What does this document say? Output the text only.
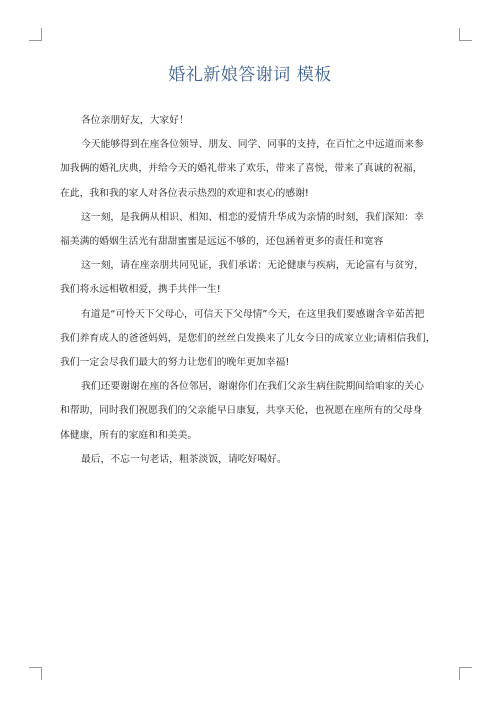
婚礼新娘答谢词 模板
各位亲朋好友，大家好！
今天能够得到在座各位领导、朋友、同学、同事的支持，在百忙之中远道而来参
加我俩的婚礼庆典，并给今天的婚礼带来了欢乐，带来了喜悦，带来了真诚的祝福，
在此，我和我的家人对各位表示热烈的欢迎和衷心的感谢!
这一刻，是我俩从相识、相知、相恋的爱情升华成为亲情的时刻，我们深知：幸
福美满的婚姻生活光有甜甜蜜蜜是远远不够的，还包涵着更多的责任和宽容
这一刻，请在座亲朋共同见证，我们承诺：无论健康与疾病，无论富有与贫穷，
我们将永远相敬相爱，携手共伴一生!
有道是“可怜天下父母心，可信天下父母情”今天，在这里我们要感谢含辛茹苦把
我们养育成人的爸爸妈妈，是您们的丝丝白发换来了儿女今日的成家立业;请相信我们，
我们一定会尽我们最大的努力让您们的晚年更加幸福!
我们还要谢谢在座的各位邻居，谢谢你们在我们父亲生病住院期间给咱家的关心
和帮助，同时我们祝愿我们的父亲能早日康复，共享天伦，也祝愿在座所有的父母身
体健康，所有的家庭和和美美。
最后，不忘一句老话，粗茶淡饭，请吃好喝好。
